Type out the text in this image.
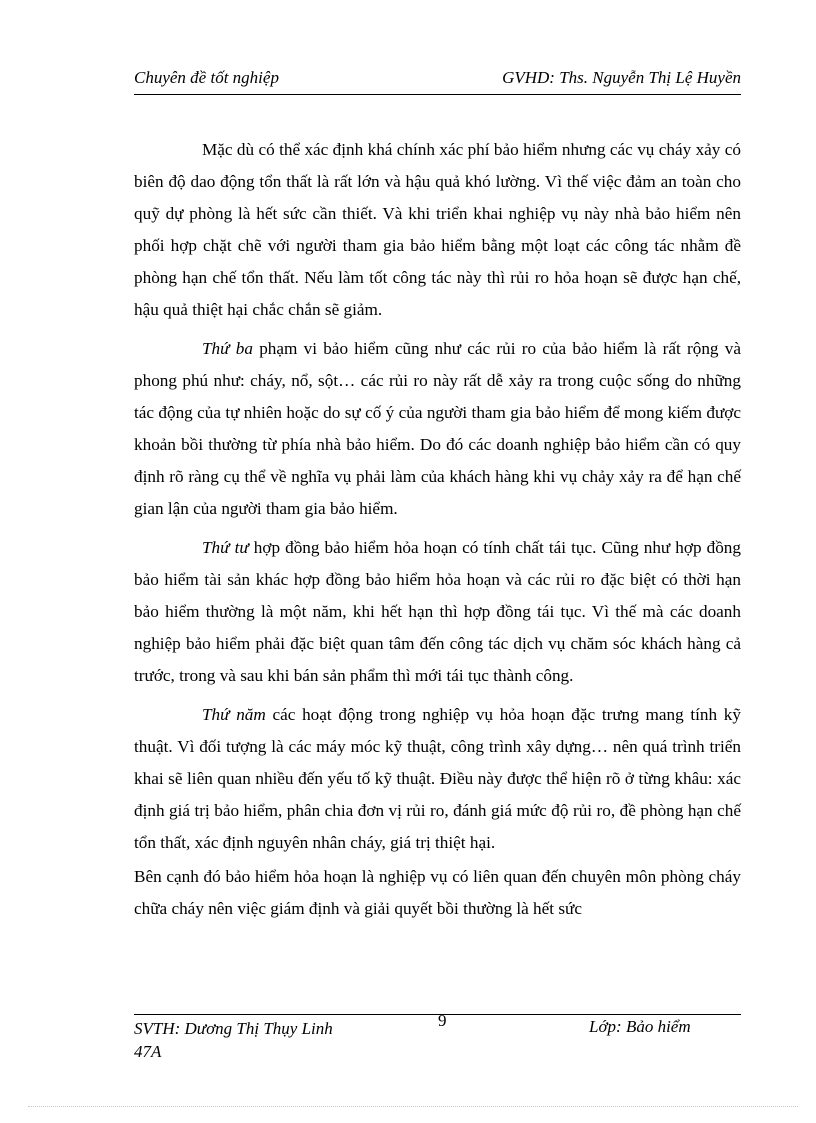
Chuyên đề tốt nghiệp	GVHD: Ths. Nguyễn Thị Lệ Huyền

Mặc dù có thể xác định khá chính xác phí bảo hiểm nhưng các vụ cháy xảy có biên độ dao động tổn thất là rất lớn và hậu quả khó lường. Vì thế việc đảm an toàn cho quỹ dự phòng là hết sức cần thiết. Và khi triển khai nghiệp vụ này nhà bảo hiểm nên phối hợp chặt chẽ với người tham gia bảo hiểm bằng một loạt các công tác nhằm đề phòng hạn chế tổn thất. Nếu làm tốt công tác này thì rủi ro hỏa hoạn sẽ được hạn chế, hậu quả thiệt hại chắc chắn sẽ giảm.

Thứ ba phạm vi bảo hiểm cũng như các rủi ro của bảo hiểm là rất rộng và phong phú như: cháy, nổ, sột… các rủi ro này rất dễ xảy ra trong cuộc sống do những tác động của tự nhiên hoặc do sự cố ý của người tham gia bảo hiểm để mong kiếm được khoản bồi thường từ phía nhà bảo hiểm. Do đó các doanh nghiệp bảo hiểm cần có quy định rõ ràng cụ thể về nghĩa vụ phải làm của khách hàng khi vụ chảy xảy ra để hạn chế gian lận của người tham gia bảo hiểm.

Thứ tư hợp đồng bảo hiểm hỏa hoạn có tính chất tái tục. Cũng như hợp đồng bảo hiểm tài sản khác hợp đồng bảo hiểm hỏa hoạn và các rủi ro đặc biệt có thời hạn bảo hiểm thường là một năm, khi hết hạn thì hợp đồng tái tục. Vì thế mà các doanh nghiệp bảo hiểm phải đặc biệt quan tâm đến công tác dịch vụ chăm sóc khách hàng cả trước, trong và sau khi bán sản phẩm thì mới tái tục thành công.

Thứ năm các hoạt động trong nghiệp vụ hỏa hoạn đặc trưng mang tính kỹ thuật. Vì đối tượng là các máy móc kỹ thuật, công trình xây dựng… nên quá trình triển khai sẽ liên quan nhiều đến yếu tố kỹ thuật. Điều này được thể hiện rõ ở từng khâu: xác định giá trị bảo hiểm, phân chia đơn vị rủi ro, đánh giá mức độ rủi ro, đề phòng hạn chế tổn thất, xác định nguyên nhân cháy, giá trị thiệt hại.

Bên cạnh đó bảo hiểm hỏa hoạn là nghiệp vụ có liên quan đến chuyên môn phòng cháy chữa cháy nên việc giám định và giải quyết bồi thường là hết sức

SVTH: Dương Thị Thụy Linh
47A
9	Lớp: Bảo hiểm
